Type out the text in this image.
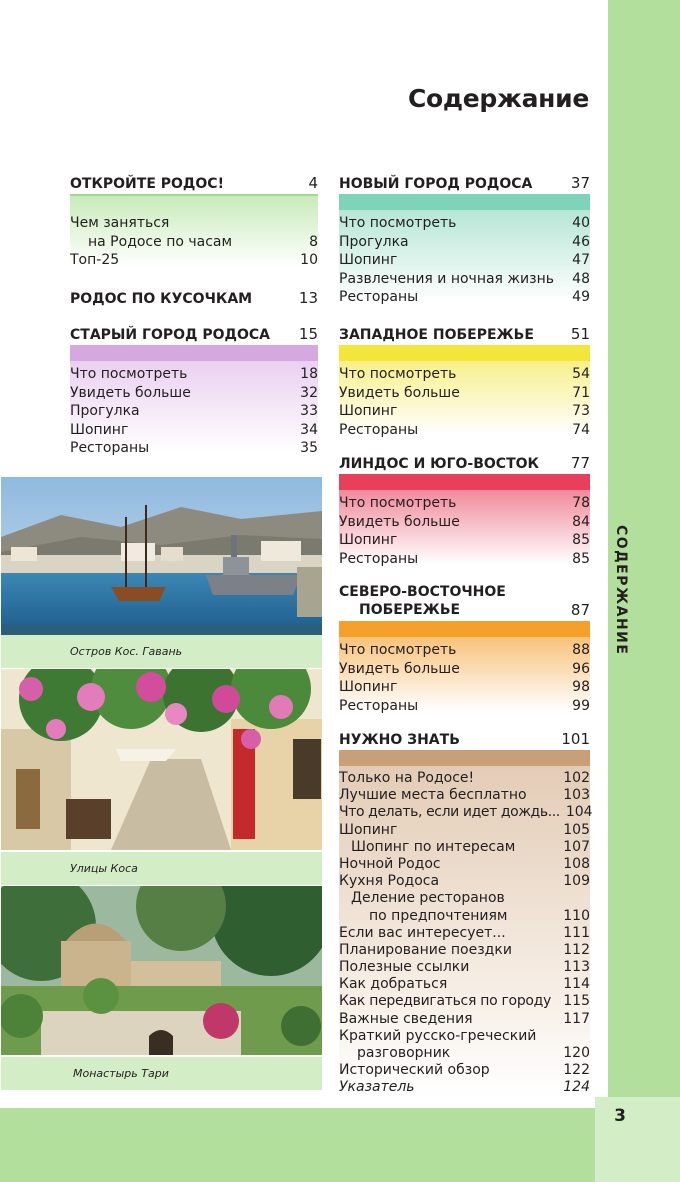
СОДЕРЖАНИЕ
3
Содержание
ОТКРОЙТЕ РОДОС!	4
Чем заняться
на Родосе по часам	8
Топ-25	10
РОДОС ПО КУСОЧКАМ	13
СТАРЫЙ ГОРОД РОДОСА 15
Что посмотреть	18
Увидеть больше	32
Прогулка	33
Шопинг	34
Рестораны	35
Остров Кос. Гавань
Улицы Коса
Монастырь Тари
НОВЫЙ ГОРОД РОДОСА	37
Что посмотреть	40
Прогулка	46
Шопинг	47
Развлечения и ночная жизнь	48
Рестораны	49
ЗАПАДНОЕ ПОБЕРЕЖЬЕ 51
Что посмотреть	54
Увидеть больше	71
Шопинг	73
Рестораны	74
ЛИНДОС И ЮГО-ВОСТОК 77
Что посмотреть	78
Увидеть больше	84
Шопинг	85
Рестораны	85
СЕВЕРО-ВОСТОЧНОЕ
ПОБЕРЕЖЬЕ	87
Что посмотреть	88
Увидеть больше	96
Шопинг	98
Рестораны	99
НУЖНО ЗНАТЬ	101
Только на Родосе!	102
Лучшие места бесплатно	103
Что делать, если идет дождь... 104
Шопинг	105
Шопинг по интересам	107
Ночной Родос	108
Кухня Родоса	109
Деление ресторанов
по предпочтениям	110
Если вас интересует...	111
Планирование поездки	112
Полезные ссылки	113
Как добраться	114
Как передвигаться по городу 115
Важные сведения	117
Краткий русско-греческий
разговорник	120
Исторический обзор	122
Указатель	124
